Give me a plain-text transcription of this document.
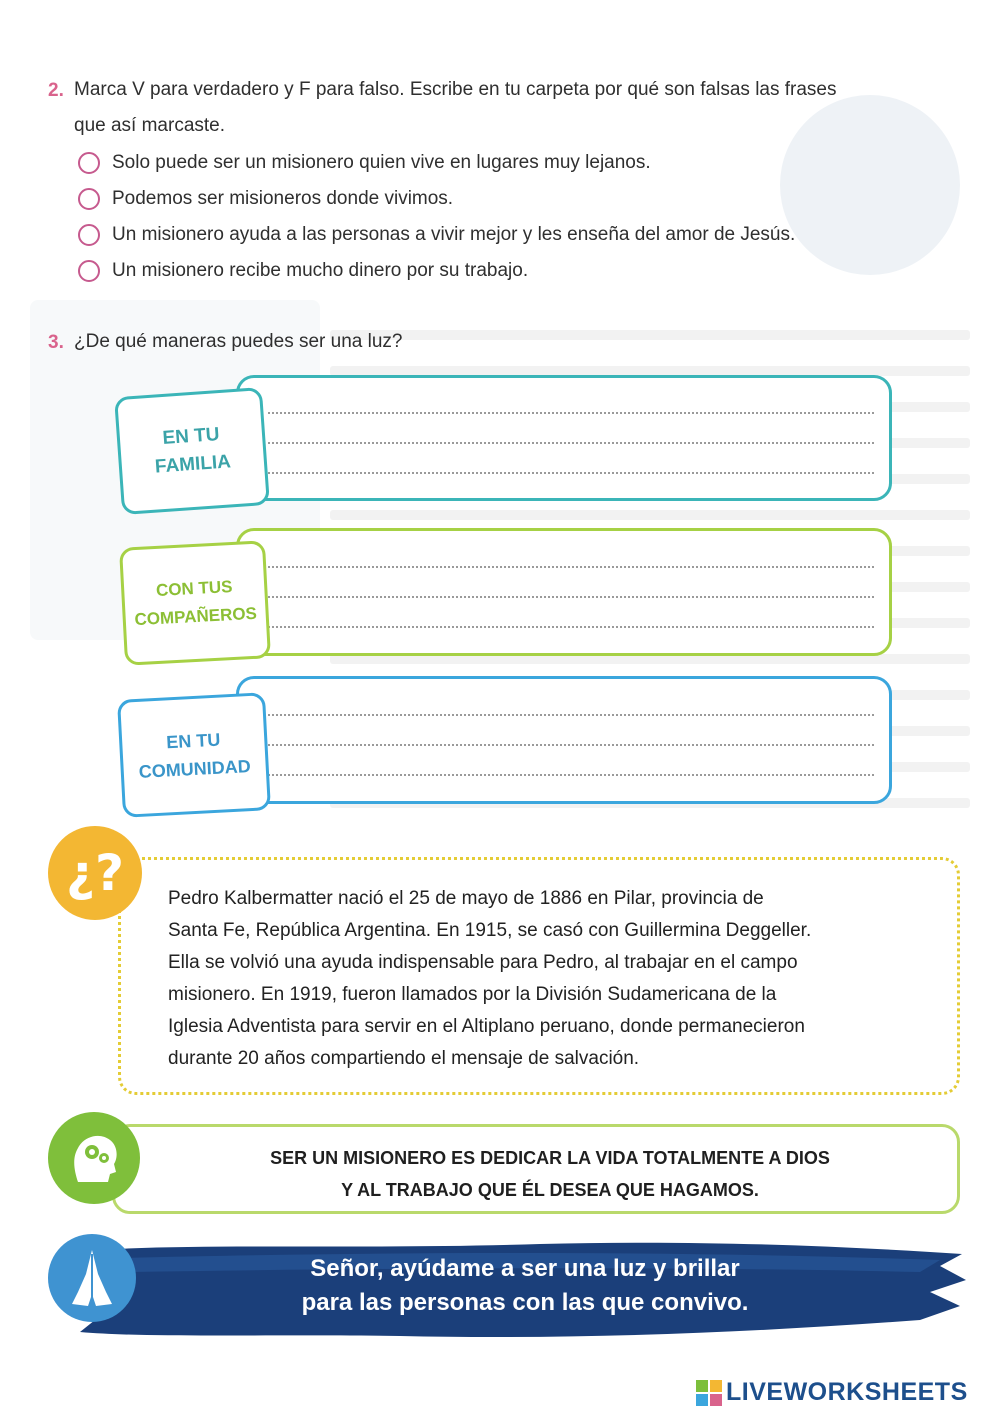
2. Marca V para verdadero y F para falso. Escribe en tu carpeta por qué son falsas las frases
que así marcaste.
Solo puede ser un misionero quien vive en lugares muy lejanos.
Podemos ser misioneros donde vivimos.
Un misionero ayuda a las personas a vivir mejor y les enseña del amor de Jesús.
Un misionero recibe mucho dinero por su trabajo.
3. ¿De qué maneras puedes ser una luz?
EN TU
FAMILIA
CON TUS
COMPAÑEROS
EN TU
COMUNIDAD
¿?	Pedro Kalbermatter nació el 25 de mayo de 1886 en Pilar, provincia de
Santa Fe, República Argentina. En 1915, se casó con Guillermina Deggeller.
Ella se volvió una ayuda indispensable para Pedro, al trabajar en el campo
misionero. En 1919, fueron llamados por la División Sudamericana de la
Iglesia Adventista para servir en el Altiplano peruano, donde permanecieron
durante 20 años compartiendo el mensaje de salvación.
SER UN MISIONERO ES DEDICAR LA VIDA TOTALMENTE A DIOS
Y AL TRABAJO QUE ÉL DESEA QUE HAGAMOS.
Señor, ayúdame a ser una luz y brillar
para las personas con las que convivo.
LIVEWORKSHEETS
